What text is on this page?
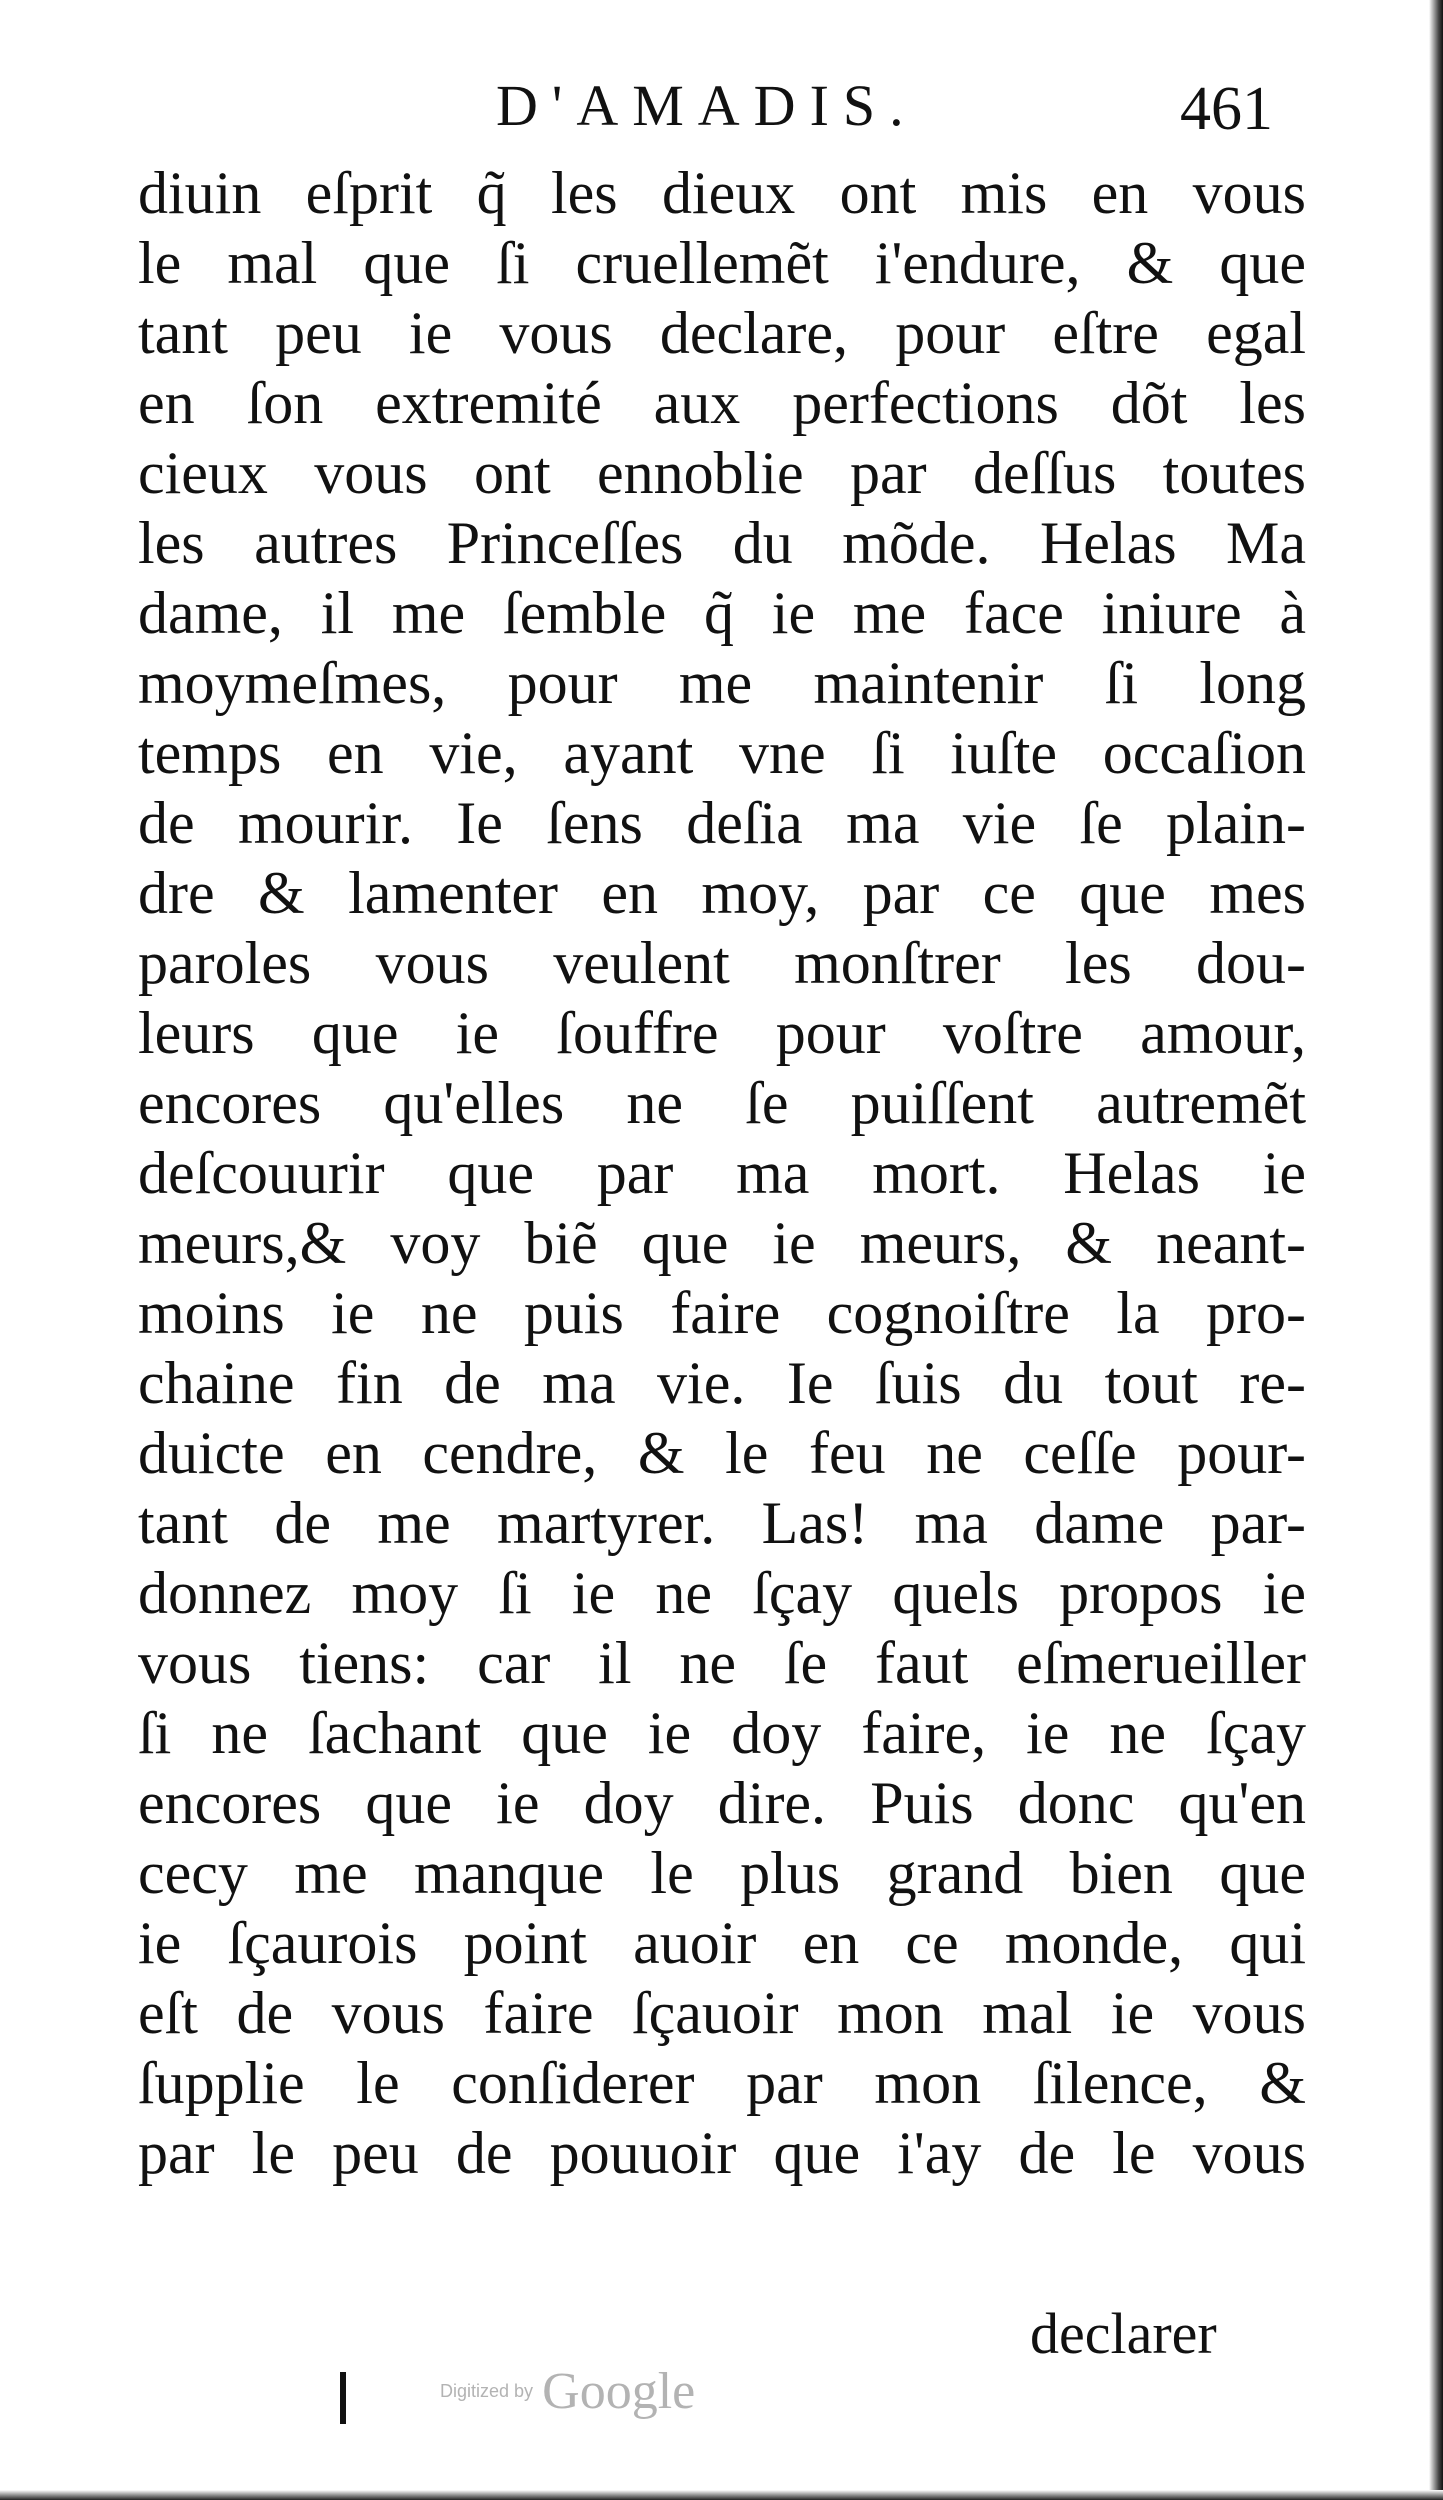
D'AMADIS.	461
diuin eſprit q̃ les dieux ont mis en vous
le mal que ſi cruellemẽt i'endure, & que
tant peu ie vous declare, pour eſtre egal
en ſon extremité aux perfections dõt les
cieux vous ont ennoblie par deſſus toutes
les autres Princeſſes du mõde. Helas Ma
dame, il me ſemble q̃ ie me face iniure à
moymeſmes, pour me maintenir ſi long
temps en vie, ayant vne ſi iuſte occaſion
de mourir. Ie ſens deſia ma vie ſe plain-
dre & lamenter en moy, par ce que mes
paroles vous veulent monſtrer les dou-
leurs que ie ſouffre pour voſtre amour,
encores qu'elles ne ſe puiſſent autremẽt
deſcouurir que par ma mort. Helas ie
meurs,& voy biẽ que ie meurs, & neant-
moins ie ne puis faire cognoiſtre la pro-
chaine fin de ma vie. Ie ſuis du tout re-
duicte en cendre, & le feu ne ceſſe pour-
tant de me martyrer. Las! ma dame par-
donnez moy ſi ie ne ſçay quels propos ie
vous tiens: car il ne ſe faut eſmerueiller
ſi ne ſachant que ie doy faire, ie ne ſçay
encores que ie doy dire. Puis donc qu'en
cecy me manque le plus grand bien que
ie ſçaurois point auoir en ce monde, qui
eſt de vous faire ſçauoir mon mal ie vous
ſupplie le conſiderer par mon ſilence, &
par le peu de pouuoir que i'ay de le vous
declarer
Digitized by Google
